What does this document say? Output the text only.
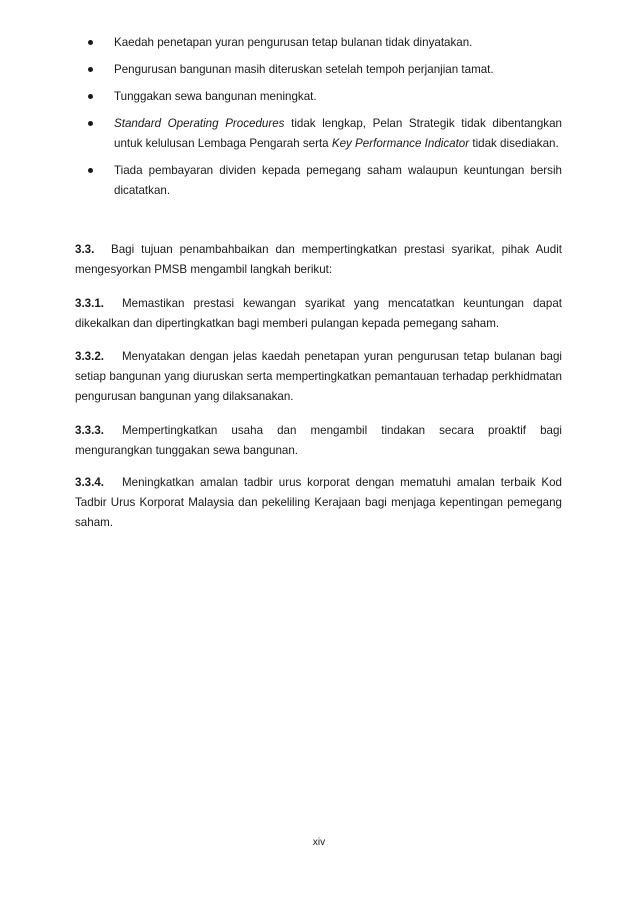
Kaedah penetapan yuran pengurusan tetap bulanan tidak dinyatakan.
Pengurusan bangunan masih diteruskan setelah tempoh perjanjian tamat.
Tunggakan sewa bangunan meningkat.
Standard Operating Procedures tidak lengkap, Pelan Strategik tidak dibentangkan untuk kelulusan Lembaga Pengarah serta Key Performance Indicator tidak disediakan.
Tiada pembayaran dividen kepada pemegang saham walaupun keuntungan bersih dicatatkan.

3.3. Bagi tujuan penambahbaikan dan mempertingkatkan prestasi syarikat, pihak Audit mengesyorkan PMSB mengambil langkah berikut:

3.3.1. Memastikan prestasi kewangan syarikat yang mencatatkan keuntungan dapat dikekalkan dan dipertingkatkan bagi memberi pulangan kepada pemegang saham.

3.3.2. Menyatakan dengan jelas kaedah penetapan yuran pengurusan tetap bulanan bagi setiap bangunan yang diuruskan serta mempertingkatkan pemantauan terhadap perkhidmatan pengurusan bangunan yang dilaksanakan.

3.3.3. Mempertingkatkan usaha dan mengambil tindakan secara proaktif bagi mengurangkan tunggakan sewa bangunan.

3.3.4. Meningkatkan amalan tadbir urus korporat dengan mematuhi amalan terbaik Kod Tadbir Urus Korporat Malaysia dan pekeliling Kerajaan bagi menjaga kepentingan pemegang saham.

xiv
